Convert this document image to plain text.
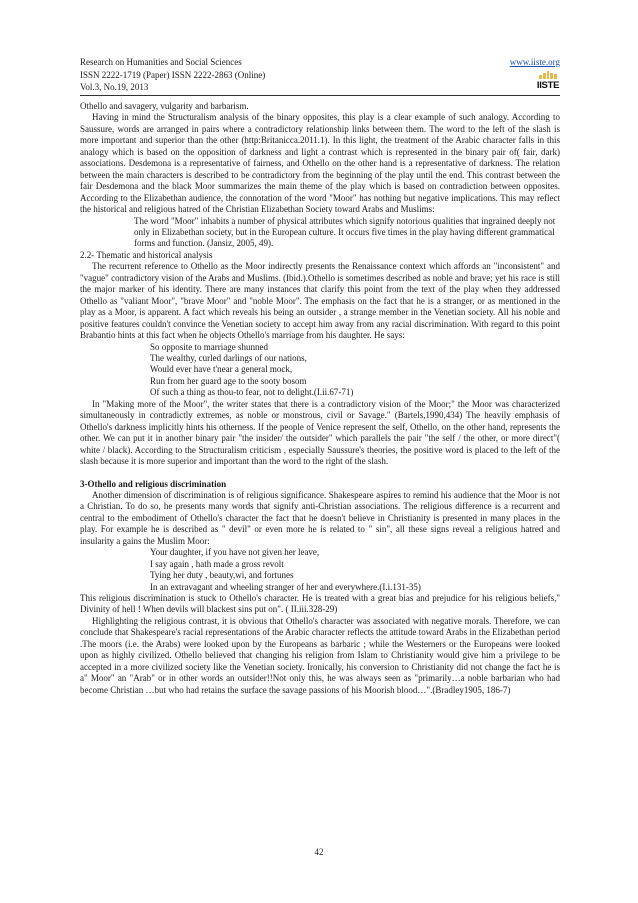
Research on Humanities and Social Sciences
ISSN 2222-1719 (Paper) ISSN 2222-2863 (Online)
Vol.3, No.19, 2013
www.iiste.org
IISTE

Othello and savagery, vulgarity and barbarism.

Having in mind the Structuralism analysis of the binary opposites, this play is a clear example of such analogy. According to Saussure, words are arranged in pairs where a contradictory relationship links between them. The word to the left of the slash is more important and superior than the other (http:Britanicca.2011.1). In this light, the treatment of the Arabic character falls in this analogy which is based on the opposition of darkness and light a contrast which is represented in the binary pair of( fair, dark) associations. Desdemona is a representative of fairness, and Othello on the other hand is a representative of darkness. The relation between the main characters is described to be contradictory from the beginning of the play until the end. This contrast between the fair Desdemona and the black Moor summarizes the main theme of the play which is based on contradiction between opposites. According to the Elizabethan audience, the connotation of the word "Moor" has nothing but negative implications. This may reflect the historical and religious hatred of the Christian Elizabethan Society toward Arabs and Muslims:

The word "Moor" inhabits a number of physical attributes which signify notorious qualities that ingrained deeply not only in Elizabethan society, but in the European culture. It occurs five times in the play having different grammatical forms and function. (Jansiz, 2005, 49).

2.2- Thematic and historical analysis

The recurrent reference to Othello as the Moor indirectly presents the Renaissance context which affords an "inconsistent" and "vague" contradictory vision of the Arabs and Muslims. (Ibid.).Othello is sometimes described as noble and brave; yet his race is still the major marker of his identity. There are many instances that clarify this point from the text of the play when they addressed Othello as "valiant Moor", "brave Moor" and "noble Moor". The emphasis on the fact that he is a stranger, or as mentioned in the play as a Moor, is apparent. A fact which reveals his being an outsider , a strange member in the Venetian society. All his noble and positive features couldn't convince the Venetian society to accept him away from any racial discrimination. With regard to this point Brabantio hints at this fact when he objects Othello's marriage from his daughter. He says:

So opposite to marriage shunned

The wealthy, curled darlings of our nations,

Would ever have t'near a general mock,

Run from her guard age to the sooty bosom

Of such a thing as thou-to fear, not to delight.(I.ii.67-71)

In "Making more of the Moor", the writer states that there is a contradictory vision of the Moor;" the Moor was characterized simultaneously in contradictly extremes, as noble or monstrous, civil or Savage." (Bartels,1990,434) The heavily emphasis of Othello's darkness implicitly hints his otherness. If the people of Venice represent the self, Othello, on the other hand, represents the other. We can put it in another binary pair "the insider/ the outsider" which parallels the pair "the self / the other, or more direct"( white / black). According to the Structuralism criticism , especially Saussure's theories, the positive word is placed to the left of the slash because it is more superior and important than the word to the right of the slash.

3-Othello and religious discrimination

Another dimension of discrimination is of religious significance. Shakespeare aspires to remind his audience that the Moor is not a Christian. To do so, he presents many words that signify anti-Christian associations. The religious difference is a recurrent and central to the embodiment of Othello's character the fact that he doesn't believe in Christianity is presented in many places in the play. For example he is described as " devil" or even more he is related to " sin", all these signs reveal a religious hatred and insularity a gains the Muslim Moor:

Your daughter, if you have not given her leave,

I say again , hath made a gross revolt

Tying her duty , beauty,wi, and fortunes

In an extravagant and wheeling stranger of her and everywhere.(I.i.131-35)

This religious discrimination is stuck to Othello's character. He is treated with a great bias and prejudice for his religious beliefs," Divinity of hell ! When devils will blackest sins put on". ( II.iii.328-29)

Highlighting the religious contrast, it is obvious that Othello's character was associated with negative morals. Therefore, we can conclude that Shakespeare's racial representations of the Arabic character reflects the attitude toward Arabs in the Elizabethan period .The moors (i.e. the Arabs) were looked upon by the Europeans as barbaric ; while the Westerners or the Europeans were looked upon as highly civilized. Othello believed that changing his religion from Islam to Christianity would give him a privilege to be accepted in a more civilized society like the Venetian society. Ironically, his conversion to Christianity did not change the fact he is a" Moor" an "Arab" or in other words an outsider!!Not only this, he was always seen as "primarily…a noble barbarian who had become Christian …but who had retains the surface the savage passions of his Moorish blood…".(Bradley1905, 186-7)

42
